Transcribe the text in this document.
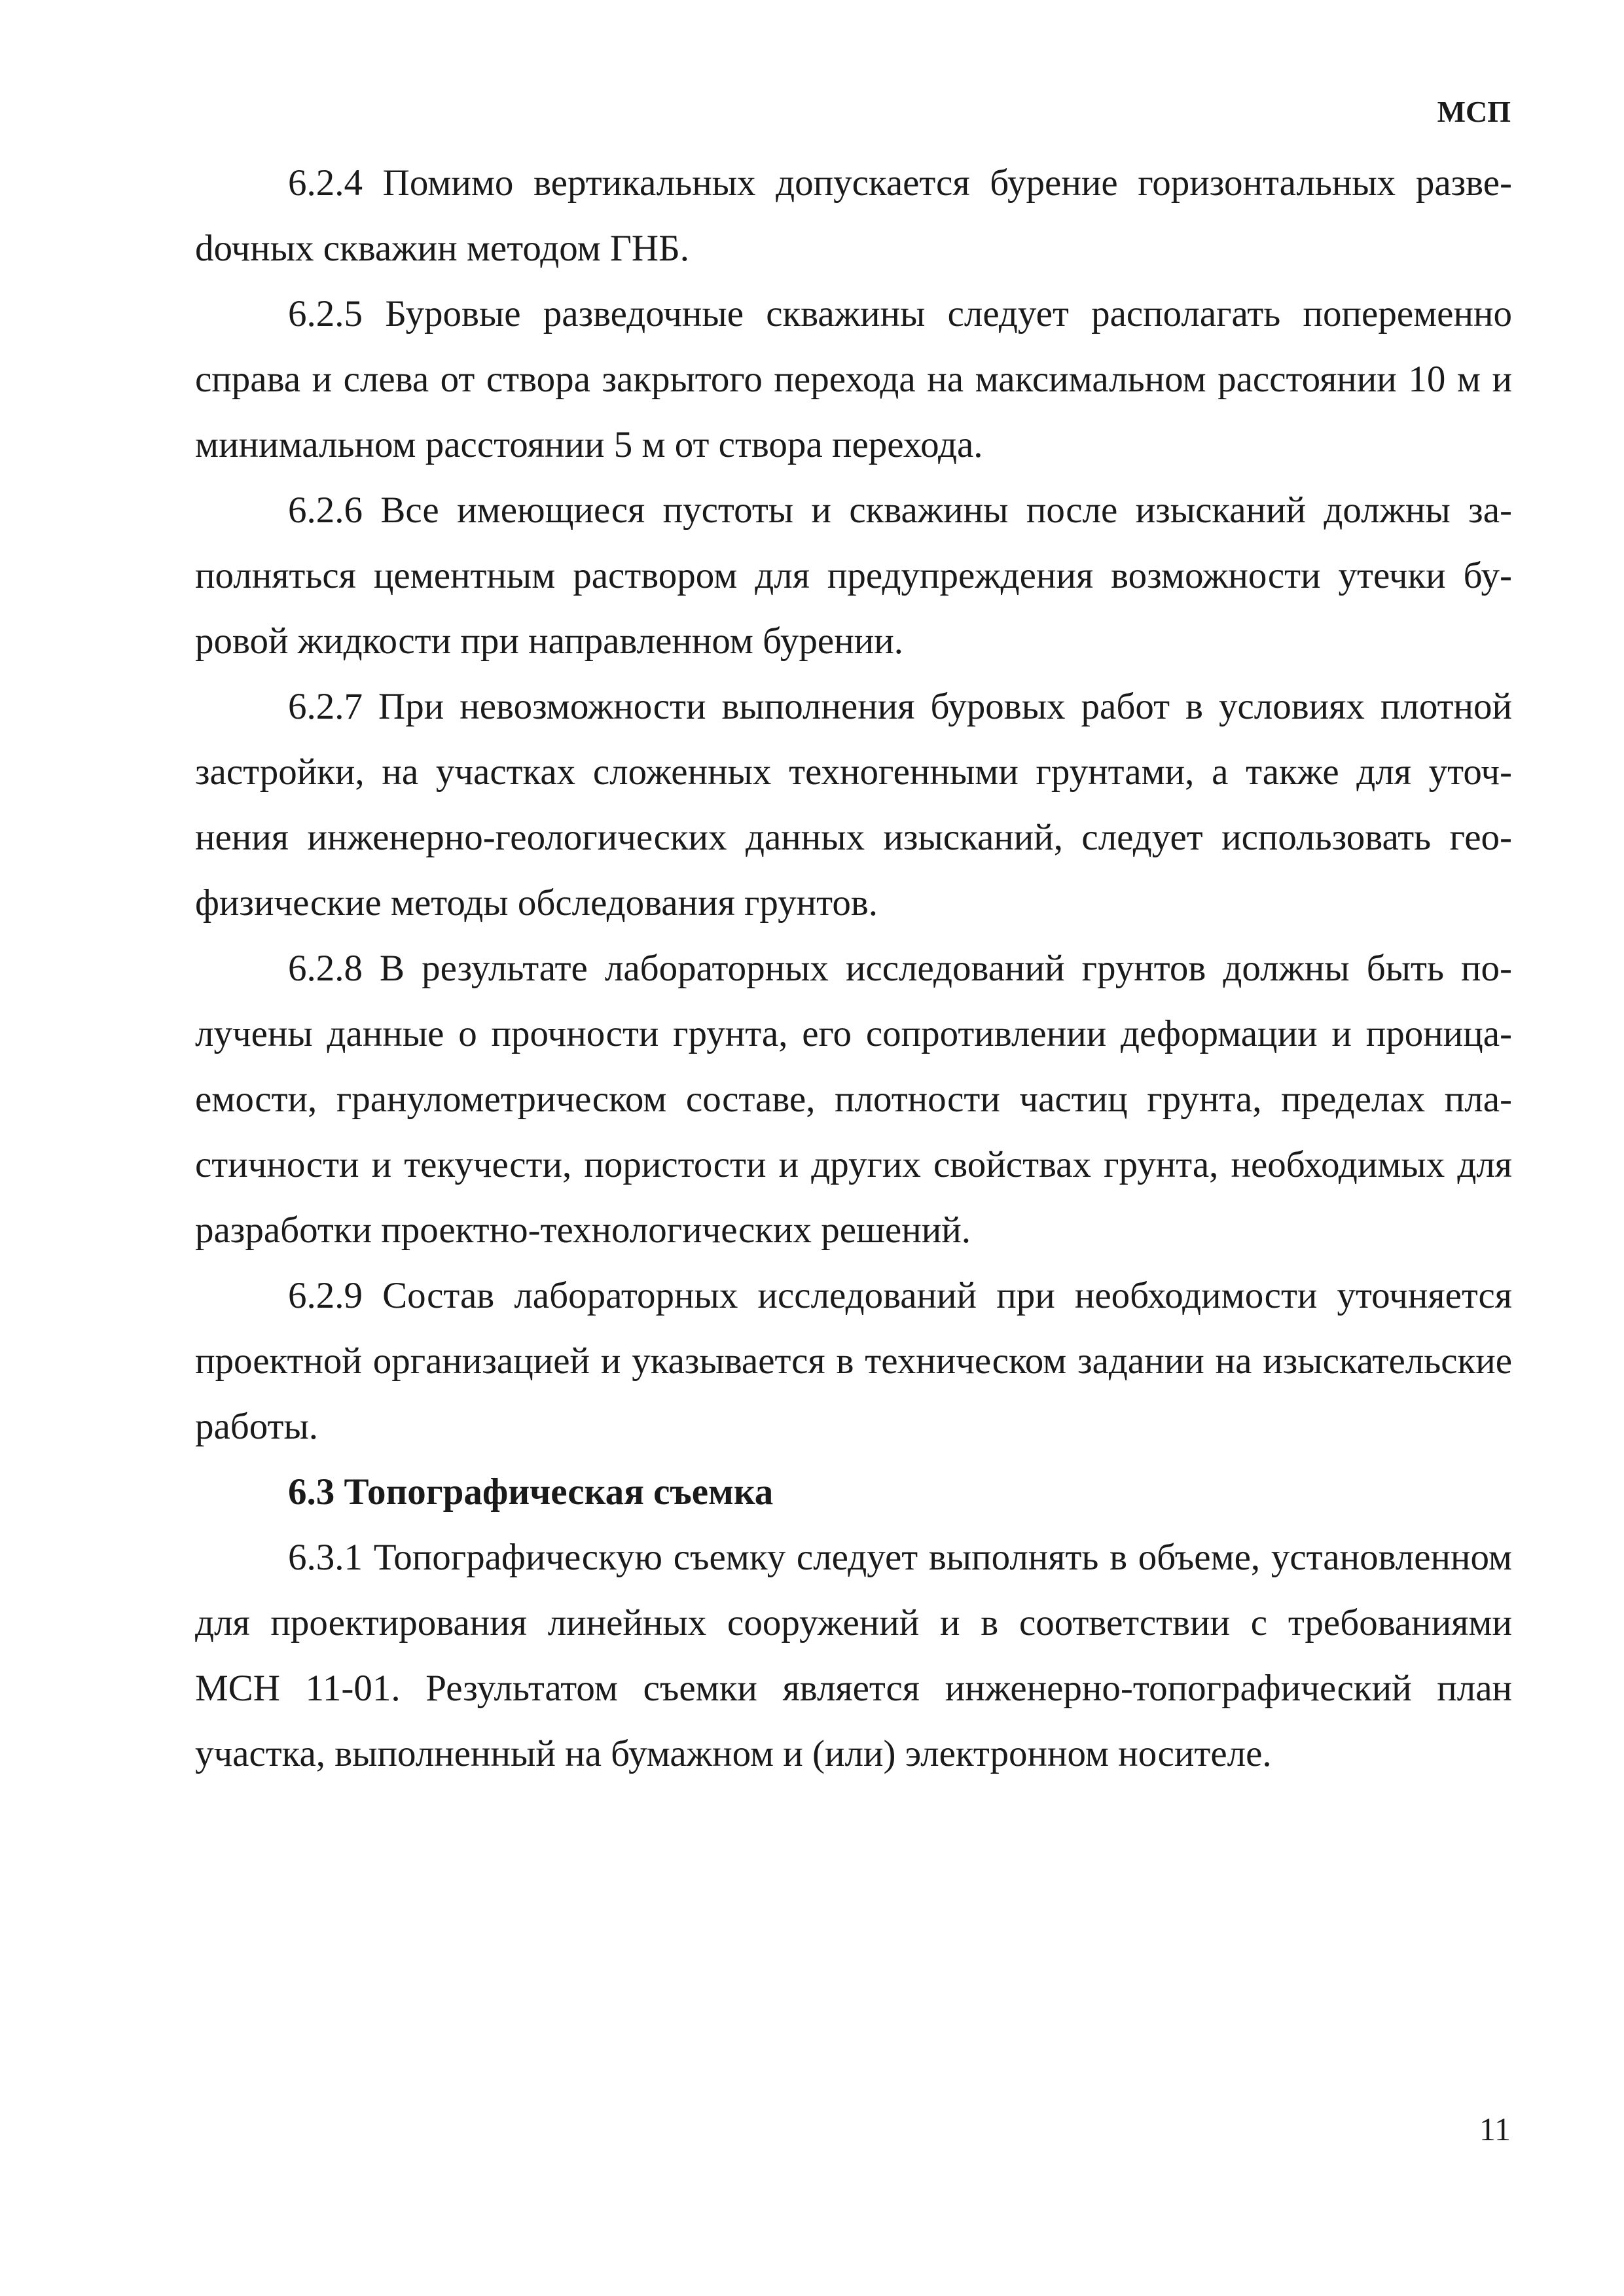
МСП

6.2.4 Помимо вертикальных допускается бурение горизонтальных развеdочных скважин методом ГНБ.

6.2.5 Буровые разведочные скважины следует располагать попеременно справа и слева от створа закрытого перехода на максимальном расстоянии 10 м и минимальном расстоянии 5 м от створа перехода.

6.2.6 Все имеющиеся пустоты и скважины после изысканий должны заполняться цементным раствором для предупреждения возможности утечки буровой жидкости при направленном бурении.

6.2.7 При невозможности выполнения буровых работ в условиях плотной застройки, на участках сложенных техногенными грунтами, а также для уточнения инженерно-геологических данных изысканий, следует использовать геофизические методы обследования грунтов.

6.2.8 В результате лабораторных исследований грунтов должны быть получены данные о прочности грунта, его сопротивлении деформации и проницаемости, гранулометрическом составе, плотности частиц грунта, пределах пластичности и текучести, пористости и других свойствах грунта, необходимых для разработки проектно-технологических решений.

6.2.9 Состав лабораторных исследований при необходимости уточняется проектной организацией и указывается в техническом задании на изыскательские работы.

6.3 Топографическая съемка

6.3.1 Топографическую съемку следует выполнять в объеме, установленном для проектирования линейных сооружений и в соответствии с требованиями МСН 11-01. Результатом съемки является инженерно-топографический план участка, выполненный на бумажном и (или) электронном носителе.

11
